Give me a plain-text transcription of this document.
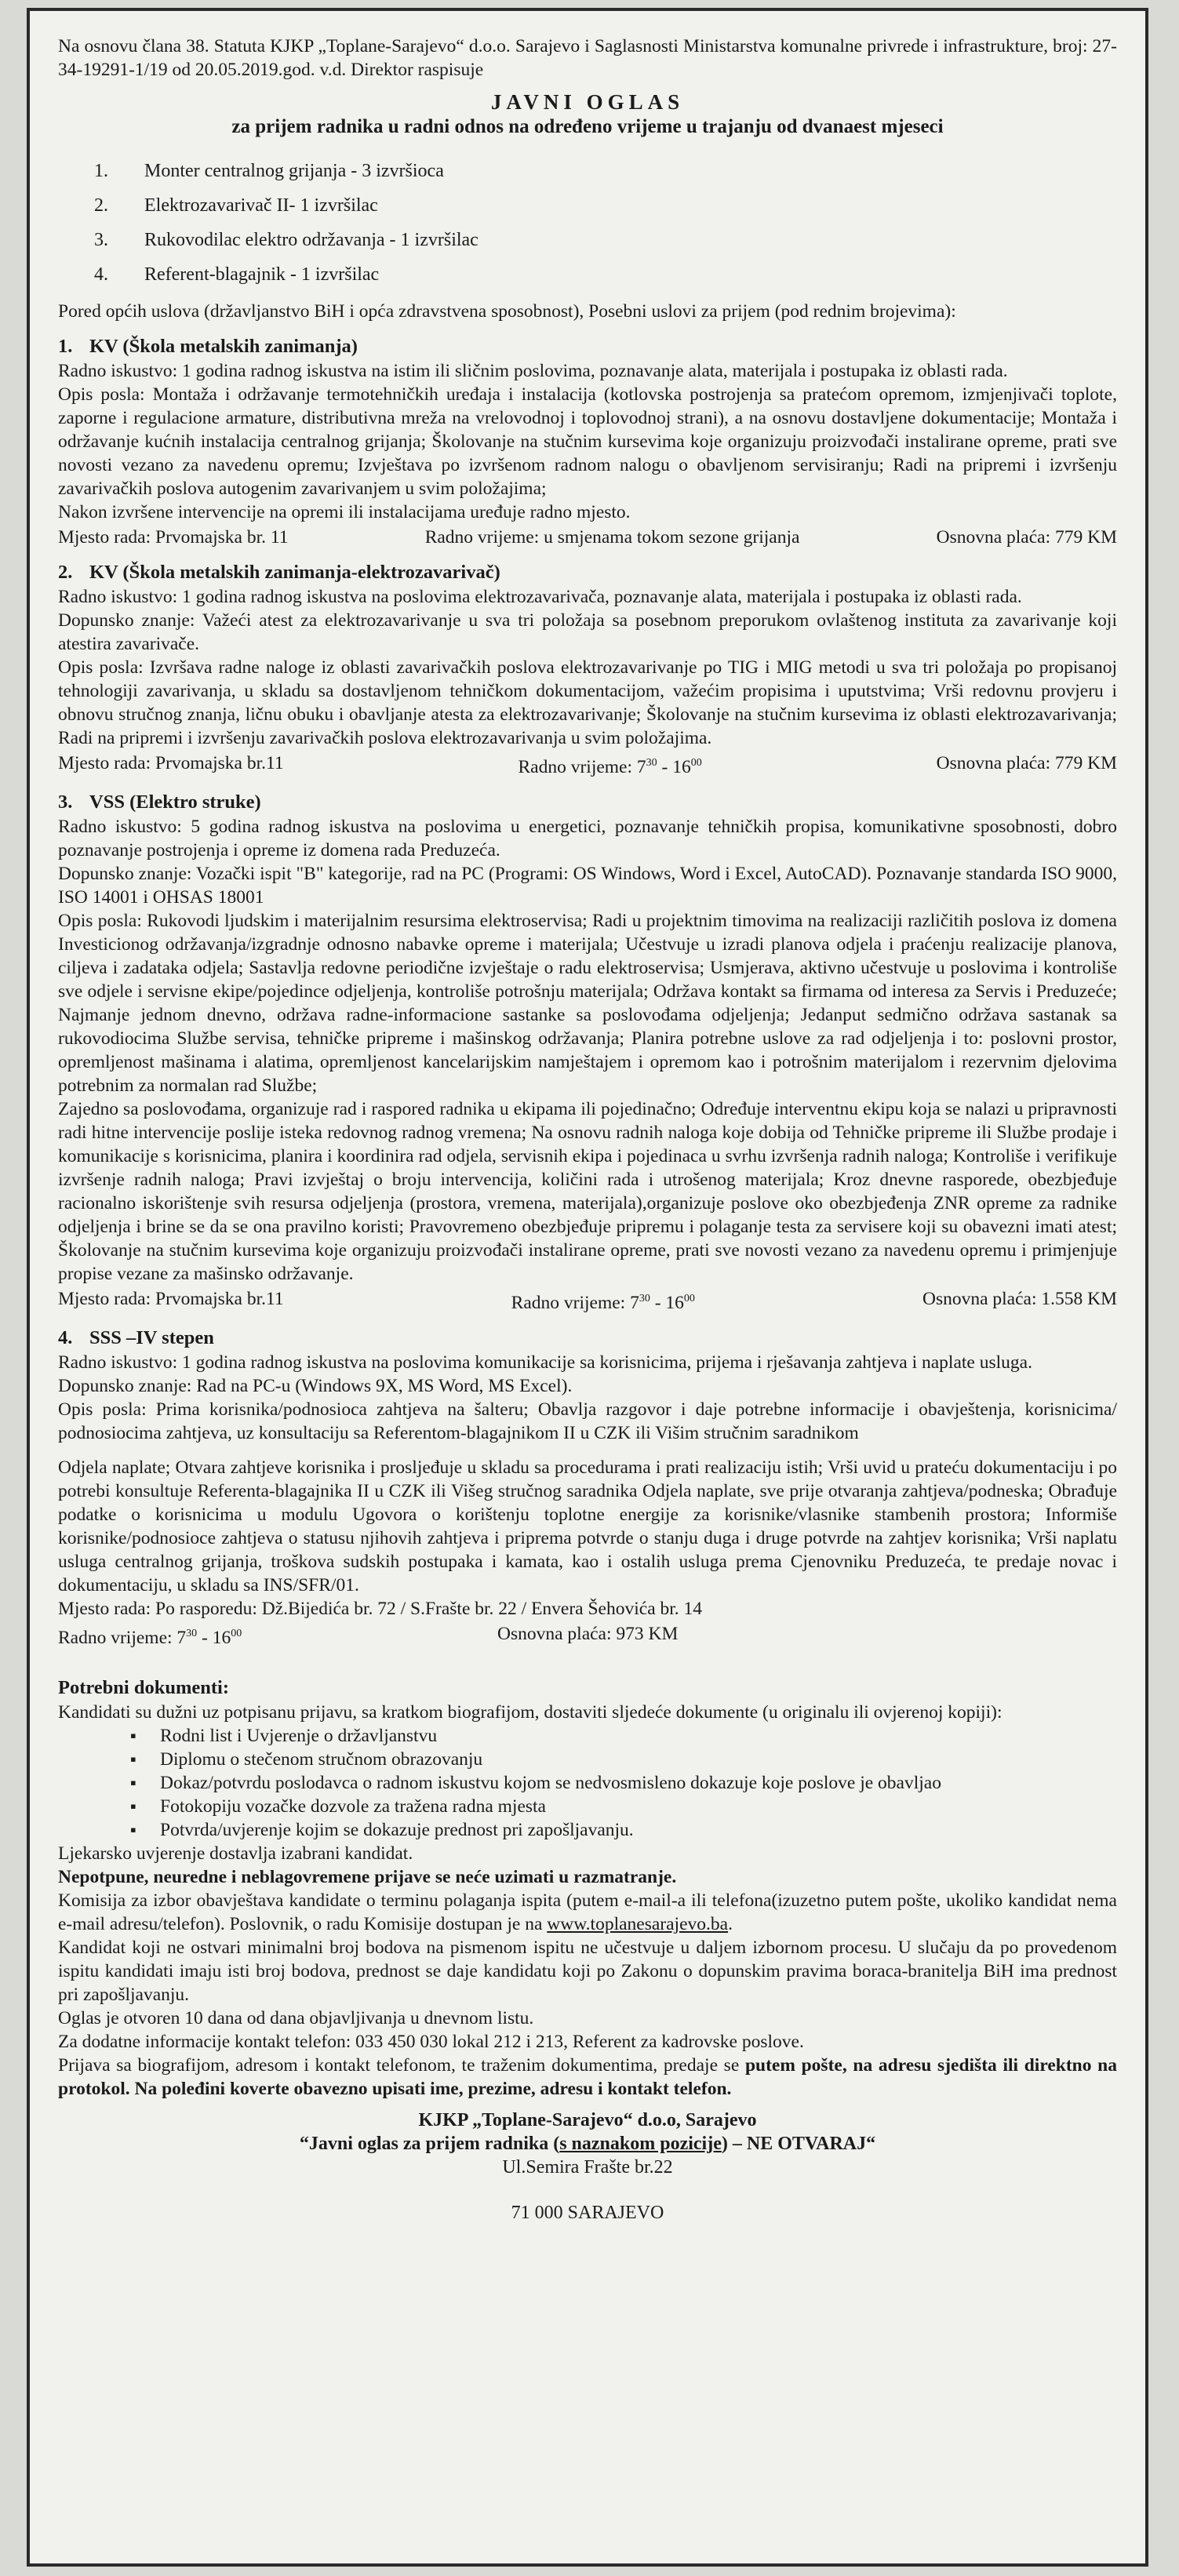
Na osnovu člana 38. Statuta KJKP „Toplane-Sarajevo“ d.o.o. Sarajevo i Saglasnosti Ministarstva komunalne privrede i infrastrukture, broj: 27-34-19291-1/19 od 20.05.2019.god. v.d. Direktor raspisuje

JAVNI OGLAS
za prijem radnika u radni odnos na određeno vrijeme u trajanju od dvanaest mjeseci
1. Monter centralnog grijanja - 3 izvršioca
2. Elektrozavarivač II- 1 izvršilac
3. Rukovodilac elektro održavanja - 1 izvršilac
4. Referent-blagajnik - 1 izvršilac

Pored općih uslova (državljanstvo BiH i opća zdravstvena sposobnost), Posebni uslovi za prijem (pod rednim brojevima):

1. KV (Škola metalskih zanimanja)

Radno iskustvo: 1 godina radnog iskustva na istim ili sličnim poslovima, poznavanje alata, materijala i postupaka iz oblasti rada.

Opis posla: Montaža i održavanje termotehničkih uređaja i instalacija (kotlovska postrojenja sa pratećom opremom, izmjenjivači toplote, zaporne i regulacione armature, distributivna mreža na vrelovodnoj i toplovodnoj strani), a na osnovu dostavljene dokumentacije; Montaža i održavanje kućnih instalacija centralnog grijanja; Školovanje na stučnim kursevima koje organizuju proizvođači instalirane opreme, prati sve novosti vezano za navedenu opremu; Izvještava po izvršenom radnom nalogu o obavljenom servisiranju; Radi na pripremi i izvršenju zavarivačkih poslova autogenim zavarivanjem u svim položajima;

Nakon izvršene intervencije na opremi ili instalacijama uređuje radno mjesto.

Mjesto rada: Prvomajska br. 11	Radno vrijeme: u smjenama tokom sezone grijanja	Osnovna plaća: 779 KM
2. KV (Škola metalskih zanimanja-elektrozavarivač)

Radno iskustvo: 1 godina radnog iskustva na poslovima elektrozavarivača, poznavanje alata, materijala i postupaka iz oblasti rada.

Dopunsko znanje: Važeći atest za elektrozavarivanje u sva tri položaja sa posebnom preporukom ovlaštenog instituta za zavarivanje koji atestira zavarivače.

Opis posla: Izvršava radne naloge iz oblasti zavarivačkih poslova elektrozavarivanje po TIG i MIG metodi u sva tri položaja po propisanoj tehnologiji zavarivanja, u skladu sa dostavljenom tehničkom dokumentacijom, važećim propisima i uputstvima; Vrši redovnu provjeru i obnovu stručnog znanja, ličnu obuku i obavljanje atesta za elektrozavarivanje; Školovanje na stučnim kursevima iz oblasti elektrozavarivanja; Radi na pripremi i izvršenju zavarivačkih poslova elektrozavarivanja u svim položajima.

Mjesto rada: Prvomajska br.11	Radno vrijeme: $7^{30} - 16^{00}$	Osnovna plaća: 779 KM
3. VSS (Elektro struke)

Radno iskustvo: 5 godina radnog iskustva na poslovima u energetici, poznavanje tehničkih propisa, komunikativne sposobnosti, dobro poznavanje postrojenja i opreme iz domena rada Preduzeća.

Dopunsko znanje: Vozački ispit "B" kategorije, rad na PC (Programi: OS Windows, Word i Excel, AutoCAD). Poznavanje standarda ISO 9000, ISO 14001 i OHSAS 18001

Opis posla: Rukovodi ljudskim i materijalnim resursima elektroservisa; Radi u projektnim timovima na realizaciji različitih poslova iz domena Investicionog održavanja/izgradnje odnosno nabavke opreme i materijala; Učestvuje u izradi planova odjela i praćenju realizacije planova, ciljeva i zadataka odjela; Sastavlja redovne periodične izvještaje o radu elektroservisa; Usmjerava, aktivno učestvuje u poslovima i kontroliše sve odjele i servisne ekipe/pojedince odjeljenja, kontroliše potrošnju materijala; Održava kontakt sa firmama od interesa za Servis i Preduzeće; Najmanje jednom dnevno, održava radne-informacione sastanke sa poslovođama odjeljenja; Jedanput sedmično održava sastanak sa rukovodiocima Službe servisa, tehničke pripreme i mašinskog održavanja; Planira potrebne uslove za rad odjeljenja i to: poslovni prostor, opremljenost mašinama i alatima, opremljenost kancelarijskim namještajem i opremom kao i potrošnim materijalom i rezervnim djelovima potrebnim za normalan rad Službe;

Zajedno sa poslovođama, organizuje rad i raspored radnika u ekipama ili pojedinačno; Određuje interventnu ekipu koja se nalazi u pripravnosti radi hitne intervencije poslije isteka redovnog radnog vremena; Na osnovu radnih naloga koje dobija od Tehničke pripreme ili Službe prodaje i komunikacije s korisnicima, planira i koordinira rad odjela, servisnih ekipa i pojedinaca u svrhu izvršenja radnih naloga; Kontroliše i verifikuje izvršenje radnih naloga; Pravi izvještaj o broju intervencija, količini rada i utrošenog materijala; Kroz dnevne rasporede, obezbjeđuje racionalno iskorištenje svih resursa odjeljenja (prostora, vremena, materijala),organizuje poslove oko obezbjeđenja ZNR opreme za radnike odjeljenja i brine se da se ona pravilno koristi; Pravovremeno obezbjeđuje pripremu i polaganje testa za servisere koji su obavezni imati atest; Školovanje na stučnim kursevima koje organizuju proizvođači instalirane opreme, prati sve novosti vezano za navedenu opremu i primjenjuje propise vezane za mašinsko održavanje.

Mjesto rada: Prvomajska br.11	Radno vrijeme: $7^{30} - 16^{00}$	Osnovna plaća: 1.558 KM
4. SSS –IV stepen

Radno iskustvo: 1 godina radnog iskustva na poslovima komunikacije sa korisnicima, prijema i rješavanja zahtjeva i naplate usluga.

Dopunsko znanje: Rad na PC-u (Windows 9X, MS Word, MS Excel).

Opis posla: Prima korisnika/podnosioca zahtjeva na šalteru; Obavlja razgovor i daje potrebne informacije i obavještenja, korisnicima/ podnosiocima zahtjeva, uz konsultaciju sa Referentom-blagajnikom II u CZK ili Višim stručnim saradnikom

Odjela naplate; Otvara zahtjeve korisnika i prosljeđuje u skladu sa procedurama i prati realizaciju istih; Vrši uvid u prateću dokumentaciju i po potrebi konsultuje Referenta-blagajnika II u CZK ili Višeg stručnog saradnika Odjela naplate, sve prije otvaranja zahtjeva/podneska; Obrađuje podatke o korisnicima u modulu Ugovora o korištenju toplotne energije za korisnike/vlasnike stambenih prostora; Informiše korisnike/podnosioce zahtjeva o statusu njihovih zahtjeva i priprema potvrde o stanju duga i druge potvrde na zahtjev korisnika; Vrši naplatu usluga centralnog grijanja, troškova sudskih postupaka i kamata, kao i ostalih usluga prema Cjenovniku Preduzeća, te predaje novac i dokumentaciju, u skladu sa INS/SFR/01.

Mjesto rada: Po rasporedu: Dž.Bijedića br. 72 / S.Frašte br. 22 / Envera Šehovića br. 14

Radno vrijeme: $7^{30} - 16^{00}$	Osnovna plaća: 973 KM
Potrebni dokumenti:

Kandidati su dužni uz potpisanu prijavu, sa kratkom biografijom, dostaviti sljedeće dokumente (u originalu ili ovjerenoj kopiji):

▪ Rodni list i Uvjerenje o državljanstvu
▪ Diplomu o stečenom stručnom obrazovanju
▪ Dokaz/potvrdu poslodavca o radnom iskustvu kojom se nedvosmisleno dokazuje koje poslove je obavljao
▪ Fotokopiju vozačke dozvole za tražena radna mjesta
▪ Potvrda/uvjerenje kojim se dokazuje prednost pri zapošljavanju.

Ljekarsko uvjerenje dostavlja izabrani kandidat.

Nepotpune, neuredne i neblagovremene prijave se neće uzimati u razmatranje.

Komisija za izbor obavještava kandidate o terminu polaganja ispita (putem e-mail-a ili telefona(izuzetno putem pošte, ukoliko kandidat nema e-mail adresu/telefon). Poslovnik, o radu Komisije dostupan je na www.toplanesarajevo.ba.

Kandidat koji ne ostvari minimalni broj bodova na pismenom ispitu ne učestvuje u daljem izbornom procesu. U slučaju da po provedenom ispitu kandidati imaju isti broj bodova, prednost se daje kandidatu koji po Zakonu o dopunskim pravima boraca-branitelja BiH ima prednost pri zapošljavanju.

Oglas je otvoren 10 dana od dana objavljivanja u dnevnom listu.

Za dodatne informacije kontakt telefon: 033 450 030 lokal 212 i 213, Referent za kadrovske poslove.

Prijava sa biografijom, adresom i kontakt telefonom, te traženim dokumentima, predaje se putem pošte, na adresu sjedišta ili direktno na protokol. Na poleđini koverte obavezno upisati ime, prezime, adresu i kontakt telefon.

KJKP „Toplane-Sarajevo“ d.o.o, Sarajevo

“Javni oglas za prijem radnika (s naznakom pozicije) – NE OTVARAJ“

Ul.Semira Frašte br.22

71 000 SARAJEVO
